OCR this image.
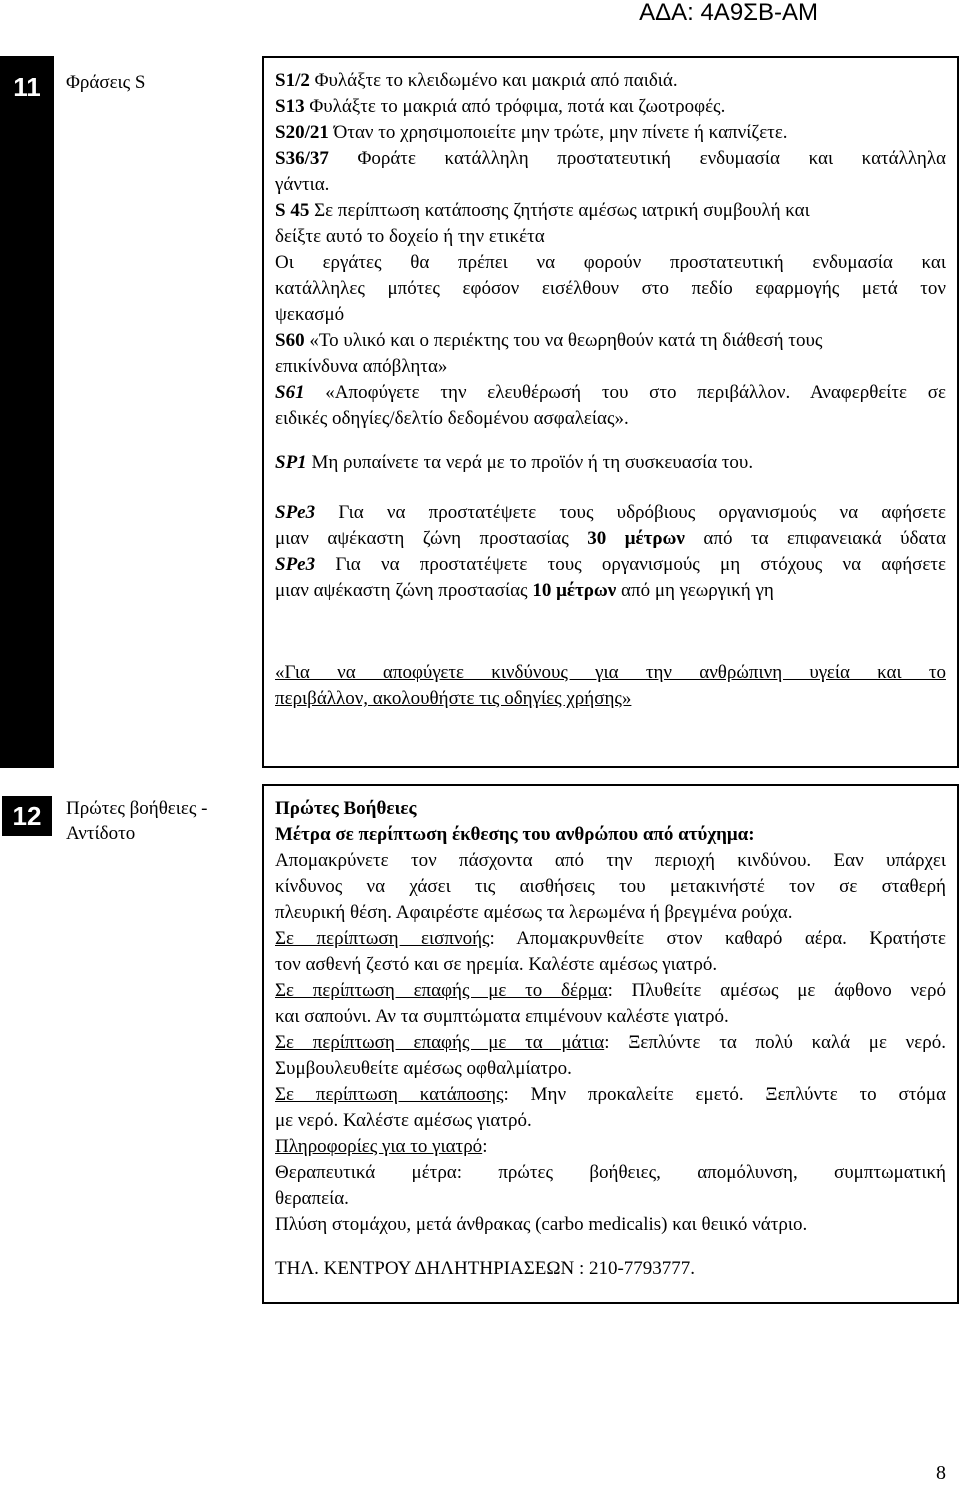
ΑΔΑ: 4Α9ΣΒ-ΑΜ
11	Φράσεις S	S1/2 Φυλάξτε το κλειδωμένο και μακριά από παιδιά.

S13 Φυλάξτε το μακριά από τρόφιμα, ποτά και ζωοτροφές.

S20/21 Όταν το χρησιμοποιείτε μην τρώτε, μην πίνετε ή καπνίζετε.

S36/37 Φοράτε κατάλληλη προστατευτική ενδυμασία και κατάλληλα

γάντια.

S 45 Σε περίπτωση κατάποσης ζητήστε αμέσως ιατρική συμβουλή και

δείξτε αυτό το δοχείο ή την ετικέτα

Οι εργάτες θα πρέπει να φορούν προστατευτική ενδυμασία και

κατάλληλες μπότες εφόσον εισέλθουν στο πεδίο εφαρμογής μετά τον

ψεκασμό

S60 «Το υλικό και ο περιέκτης του να θεωρηθούν κατά τη διάθεσή τους

επικίνδυνα απόβλητα»

S61 «Αποφύγετε την ελευθέρωσή του στο περιβάλλον. Αναφερθείτε σε

ειδικές οδηγίες/δελτίο δεδομένου ασφαλείας».

SP1 Μη ρυπαίνετε τα νερά με το προϊόν ή τη συσκευασία του.

SPe3 Για να προστατέψετε τους υδρόβιους οργανισμούς να αφήσετε

μιαν αψέκαστη ζώνη προστασίας 30 μέτρων από τα επιφανειακά ύδατα

SPe3 Για να προστατέψετε τους οργανισμούς μη στόχους να αφήσετε

μιαν αψέκαστη ζώνη προστασίας 10 μέτρων από μη γεωργική γη

«Για να αποφύγετε κινδύνους για την ανθρώπινη υγεία και το

περιβάλλον, ακολουθήστε τις οδηγίες χρήσης»

12	Πρώτες βοήθειες -
Αντίδοτο

Πρώτες Βοήθειες

Μέτρα σε περίπτωση έκθεσης του ανθρώπου από ατύχημα:

Απομακρύνετε τον πάσχοντα από την περιοχή κινδύνου. Εαν υπάρχει

κίνδυνος να χάσει τις αισθήσεις του μετακινήστέ τον σε σταθερή

πλευρική θέση. Αφαιρέστε αμέσως τα λερωμένα ή βρεγμένα ρούχα.

Σε περίπτωση εισπνοής: Απομακρυνθείτε στον καθαρό αέρα. Κρατήστε

τον ασθενή ζεστό και σε ηρεμία. Καλέστε αμέσως γιατρό.

Σε περίπτωση επαφής με το δέρμα: Πλυθείτε αμέσως με άφθονο νερό

και σαπούνι. Αν τα συμπτώματα επιμένουν καλέστε γιατρό.

Σε περίπτωση επαφής με τα μάτια: Ξεπλύντε τα πολύ καλά με νερό.

Συμβουλευθείτε αμέσως οφθαλμίατρο.

Σε περίπτωση κατάποσης: Μην προκαλείτε εμετό. Ξεπλύντε το στόμα

με νερό. Καλέστε αμέσως γιατρό.

Πληροφορίες για το γιατρό:

Θεραπευτικά μέτρα: πρώτες βοήθειες, απομόλυνση, συμπτωματική

θεραπεία.

Πλύση στομάχου, μετά άνθρακας (carbo medicalis) και θειικό νάτριο.

ΤΗΛ. ΚΕΝΤΡΟΥ ΔΗΛΗΤΗΡΙΑΣΕΩΝ : 210-7793777.

8
